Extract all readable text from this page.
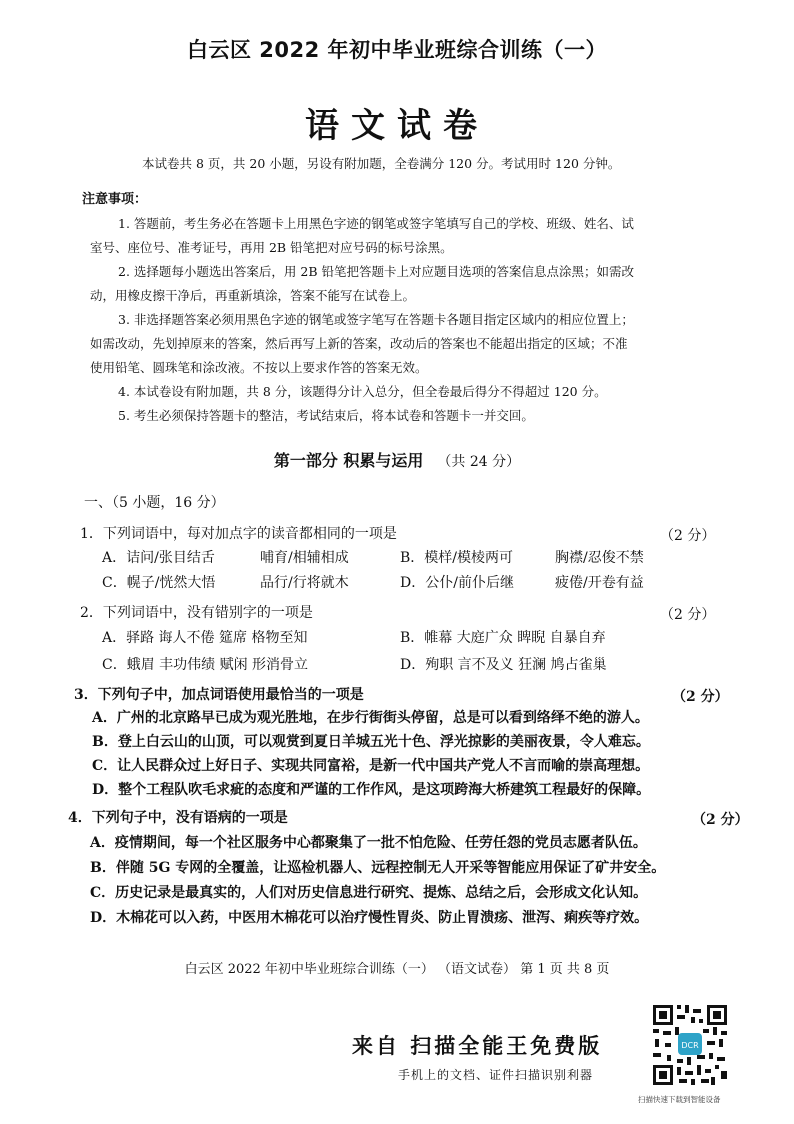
白云区 2022 年初中毕业班综合训练（一）
语文试卷
本试卷共 8 页，共 20 小题，另设有附加题，全卷满分 120 分。考试用时 120 分钟。
注意事项：
1. 答题前，考生务必在答题卡上用黑色字迹的钢笔或签字笔填写自己的学校、班级、姓名、试
室号、座位号、准考证号，再用 2B 铅笔把对应号码的标号涂黑。
2. 选择题每小题选出答案后，用 2B 铅笔把答题卡上对应题目选项的答案信息点涂黑；如需改
动，用橡皮擦干净后，再重新填涂，答案不能写在试卷上。
3. 非选择题答案必须用黑色字迹的钢笔或签字笔写在答题卡各题目指定区域内的相应位置上；
如需改动，先划掉原来的答案，然后再写上新的答案，改动后的答案也不能超出指定的区域；不准
使用铅笔、圆珠笔和涂改液。不按以上要求作答的答案无效。
4. 本试卷设有附加题，共 8 分，该题得分计入总分，但全卷最后得分不得超过 120 分。
5. 考生必须保持答题卡的整洁，考试结束后，将本试卷和答题卡一并交回。
第一部分 积累与运用 （共 24 分）
一、（5 小题，16 分）
1．下列词语中，每对加点字的读音都相同的一项是	（2 分）
A．诘问/张目结舌	哺育/相辅相成	B．模样/模棱两可	胸襟/忍俊不禁
C．幌子/恍然大悟	品行/行将就木	D．公仆/前仆后继	疲倦/开卷有益
2．下列词语中，没有错别字的一项是	（2 分）
A．驿路 诲人不倦 筵席 格物至知	B．帷幕 大庭广众 睥睨 自暴自弃
C．蛾眉 丰功伟绩 赋闲 形消骨立	D．殉职 言不及义 狂澜 鸠占雀巢
3．下列句子中，加点词语使用最恰当的一项是	（2 分）
A．广州的北京路早已成为观光胜地，在步行街街头停留，总是可以看到络绎不绝的游人。
B．登上白云山的山顶，可以观赏到夏日羊城五光十色、浮光掠影的美丽夜景，令人难忘。
C．让人民群众过上好日子、实现共同富裕，是新一代中国共产党人不言而喻的崇高理想。
D．整个工程队吹毛求疵的态度和严谨的工作作风，是这项跨海大桥建筑工程最好的保障。
4．下列句子中，没有语病的一项是	（2 分）
A．疫情期间，每一个社区服务中心都聚集了一批不怕危险、任劳任怨的党员志愿者队伍。
B．伴随 5G 专网的全覆盖，让巡检机器人、远程控制无人开采等智能应用保证了矿井安全。
C．历史记录是最真实的，人们对历史信息进行研究、提炼、总结之后，会形成文化认知。
D．木棉花可以入药，中医用木棉花可以治疗慢性胃炎、防止胃溃疡、泄泻、痢疾等疗效。
白云区 2022 年初中毕业班综合训练（一） （语文试卷） 第 1 页 共 8 页
来自 扫描全能王免费版
手机上的文档、证件扫描识别利器
DCR
扫描快速下载到智能设备
